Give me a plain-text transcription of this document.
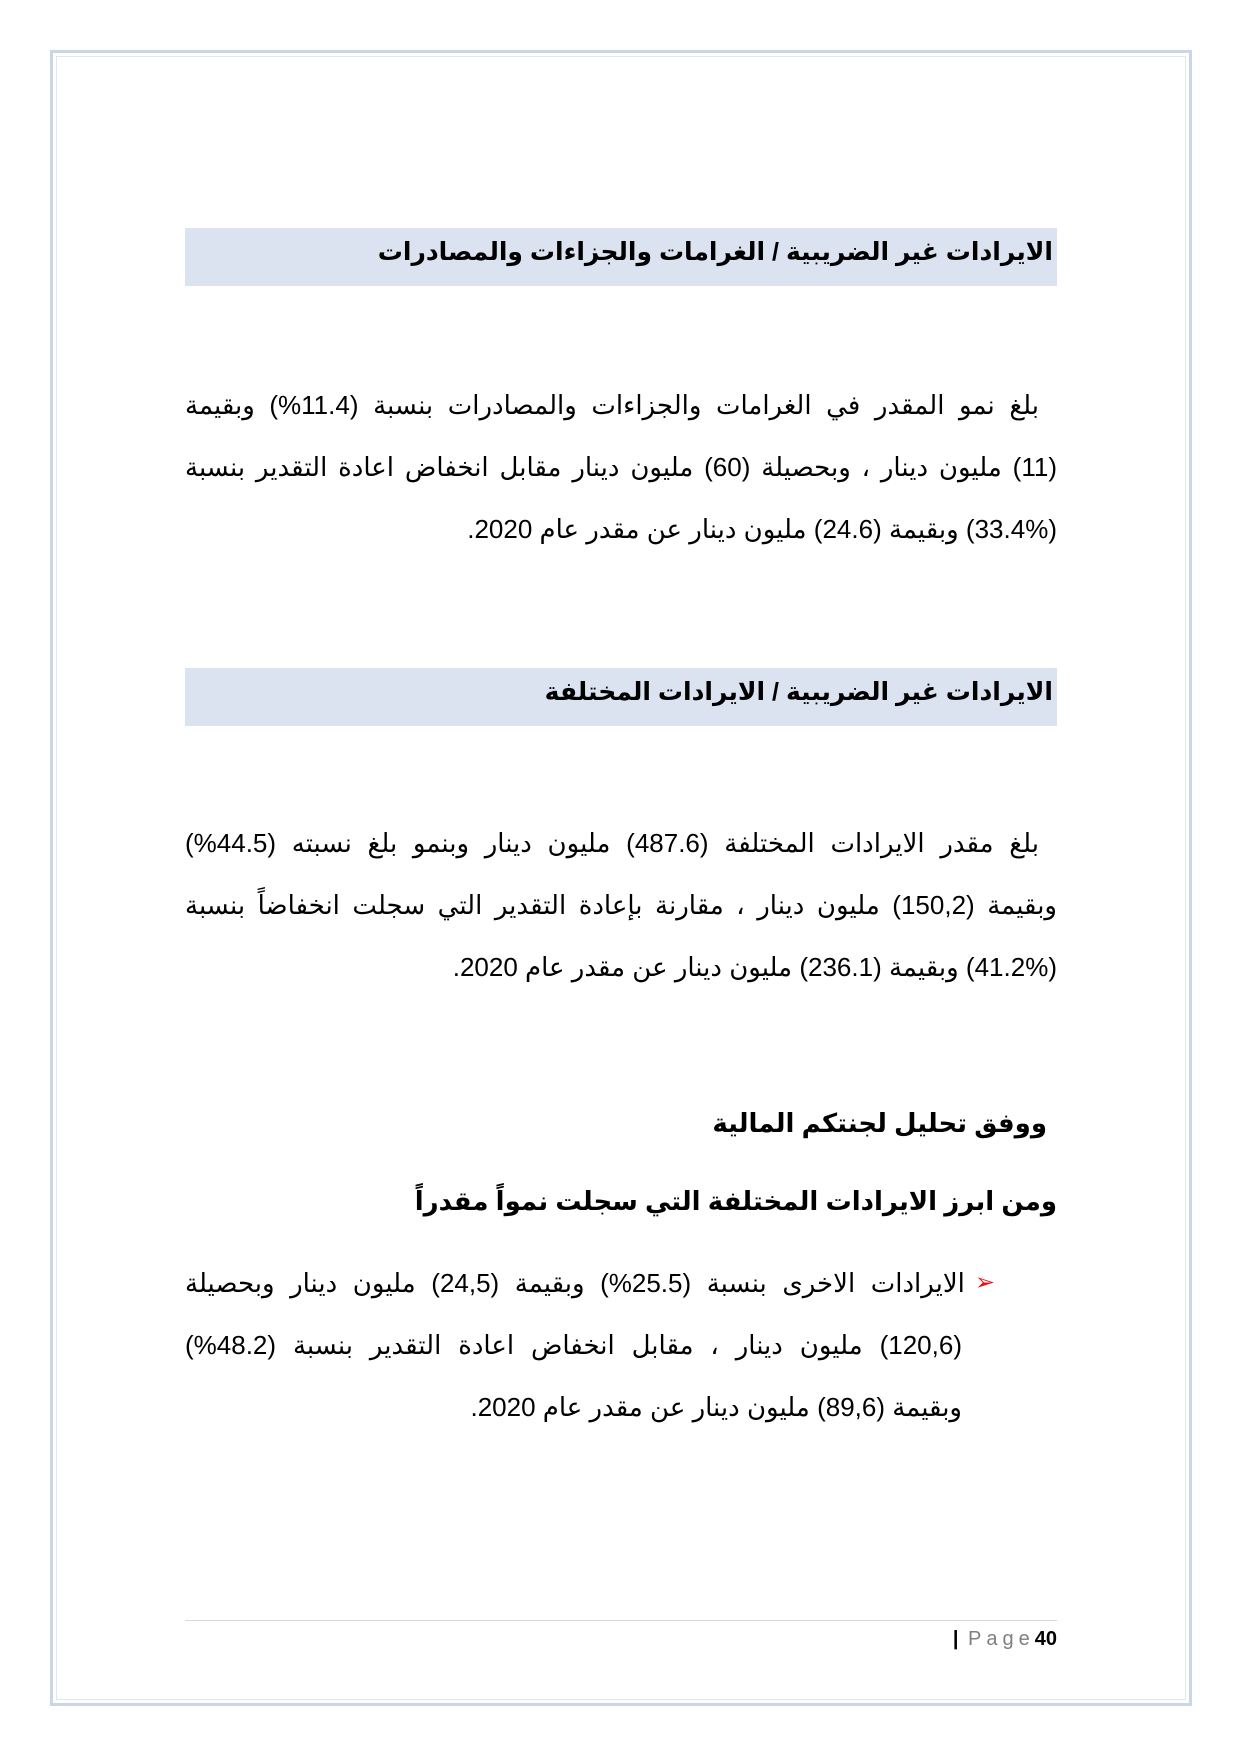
الايرادات غير الضريبية / الغرامات والجزاءات والمصادرات
بلغ نمو المقدر في الغرامات والجزاءات والمصادرات بنسبة (11.4%) وبقيمة
(11) مليون دينار ، وبحصيلة (60) مليون دينار مقابل انخفاض اعادة التقدير بنسبة
(33.4%) وبقيمة (24.6) مليون دينار عن مقدر عام 2020.
الايرادات غير الضريبية / الايرادات المختلفة
بلغ مقدر الايرادات المختلفة (487.6) مليون دينار وبنمو بلغ نسبته (44.5%)
وبقيمة (150,2) مليون دينار ، مقارنة بإعادة التقدير التي سجلت انخفاضاً بنسبة
(41.2%) وبقيمة (236.1) مليون دينار عن مقدر عام 2020.
ووفق تحليل لجنتكم المالية
ومن ابرز الايرادات المختلفة التي سجلت نمواً مقدراً
➢
الايرادات الاخرى بنسبة (25.5%) وبقيمة (24,5) مليون دينار وبحصيلة
(120,6) مليون دينار ، مقابل انخفاض اعادة التقدير بنسبة (48.2%)
وبقيمة (89,6) مليون دينار عن مقدر عام 2020.
| Page40
